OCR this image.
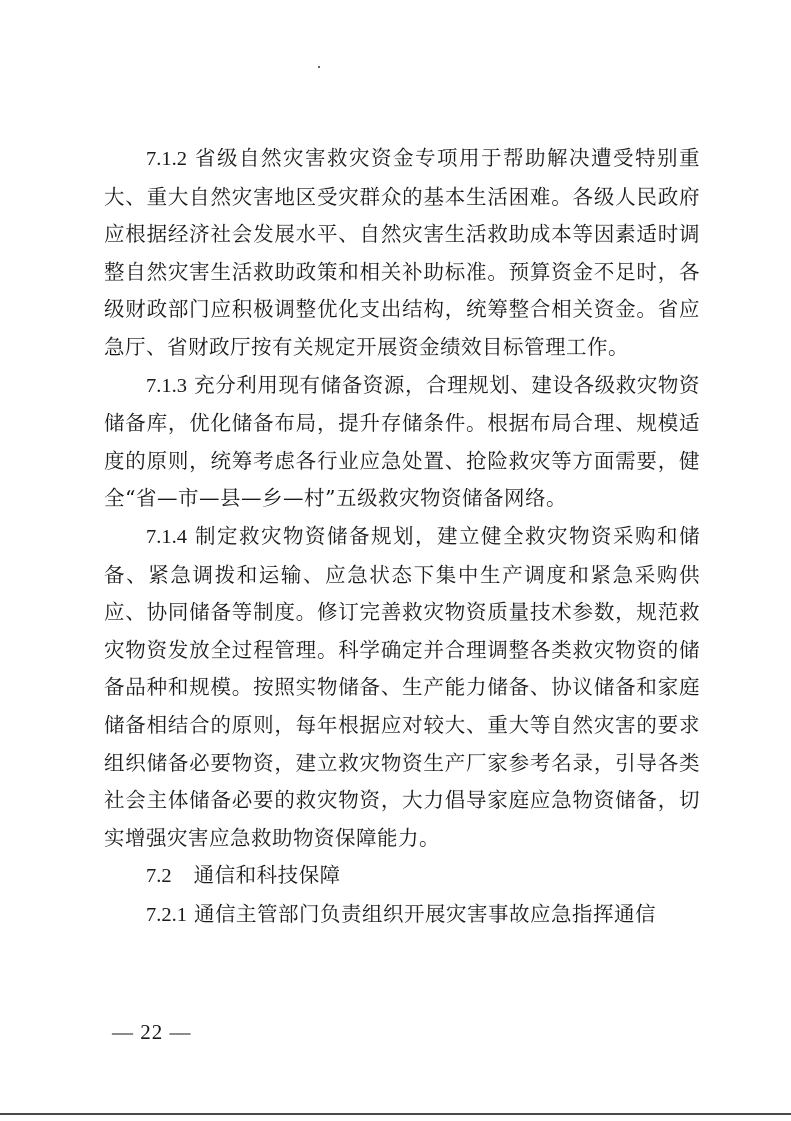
7.1.2 省级自然灾害救灾资金专项用于帮助解决遭受特别重大、重大自然灾害地区受灾群众的基本生活困难。各级人民政府应根据经济社会发展水平、自然灾害生活救助成本等因素适时调整自然灾害生活救助政策和相关补助标准。预算资金不足时，各级财政部门应积极调整优化支出结构，统筹整合相关资金。省应急厅、省财政厅按有关规定开展资金绩效目标管理工作。

7.1.3 充分利用现有储备资源，合理规划、建设各级救灾物资储备库，优化储备布局，提升存储条件。根据布局合理、规模适度的原则，统筹考虑各行业应急处置、抢险救灾等方面需要，健全“省—市—县—乡—村”五级救灾物资储备网络。

7.1.4 制定救灾物资储备规划，建立健全救灾物资采购和储备、紧急调拨和运输、应急状态下集中生产调度和紧急采购供应、协同储备等制度。修订完善救灾物资质量技术参数，规范救灾物资发放全过程管理。科学确定并合理调整各类救灾物资的储备品种和规模。按照实物储备、生产能力储备、协议储备和家庭储备相结合的原则，每年根据应对较大、重大等自然灾害的要求组织储备必要物资，建立救灾物资生产厂家参考名录，引导各类社会主体储备必要的救灾物资，大力倡导家庭应急物资储备，切实增强灾害应急救助物资保障能力。

7.2 通信和科技保障

7.2.1 通信主管部门负责组织开展灾害事故应急指挥通信

— 22 —
